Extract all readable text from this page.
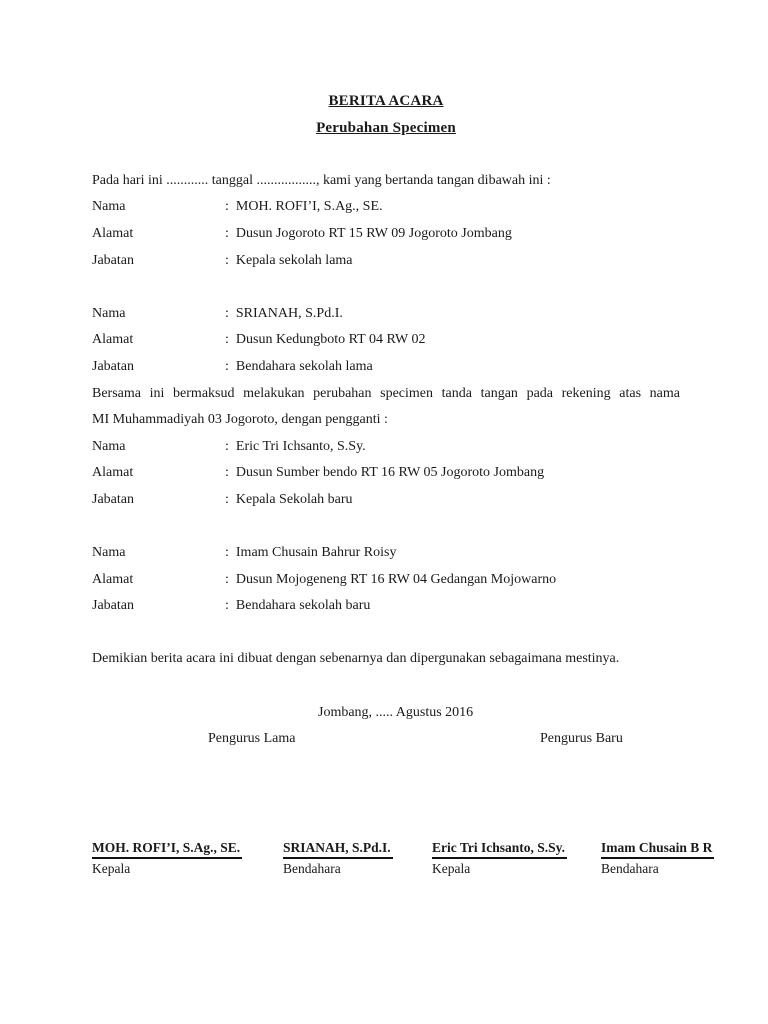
BERITA ACARA
Perubahan Specimen
Pada hari ini ............ tanggal ................., kami yang bertanda tangan dibawah ini :
Nama	: MOH. ROFI’I, S.Ag., SE.
Alamat	: Dusun Jogoroto RT 15 RW 09 Jogoroto Jombang
Jabatan	: Kepala sekolah lama
Nama	: SRIANAH, S.Pd.I.
Alamat	: Dusun Kedungboto RT 04 RW 02
Jabatan	: Bendahara sekolah lama
Bersama ini bermaksud melakukan perubahan specimen tanda tangan pada rekening atas nama
MI Muhammadiyah 03 Jogoroto, dengan pengganti :
Nama	: Eric Tri Ichsanto, S.Sy.
Alamat	: Dusun Sumber bendo RT 16 RW 05 Jogoroto Jombang
Jabatan	: Kepala Sekolah baru
Nama	: Imam Chusain Bahrur Roisy
Alamat	: Dusun Mojogeneng RT 16 RW 04 Gedangan Mojowarno
Jabatan	: Bendahara sekolah baru
Demikian berita acara ini dibuat dengan sebenarnya dan dipergunakan sebagaimana mestinya.
Jombang, ..... Agustus 2016
Pengurus Lama	Pengurus Baru
MOH. ROFI’I, S.Ag., SE.
Kepala
SRIANAH, S.Pd.I.
Bendahara
Eric Tri Ichsanto, S.Sy.
Kepala
Imam Chusain B R
Bendahara
